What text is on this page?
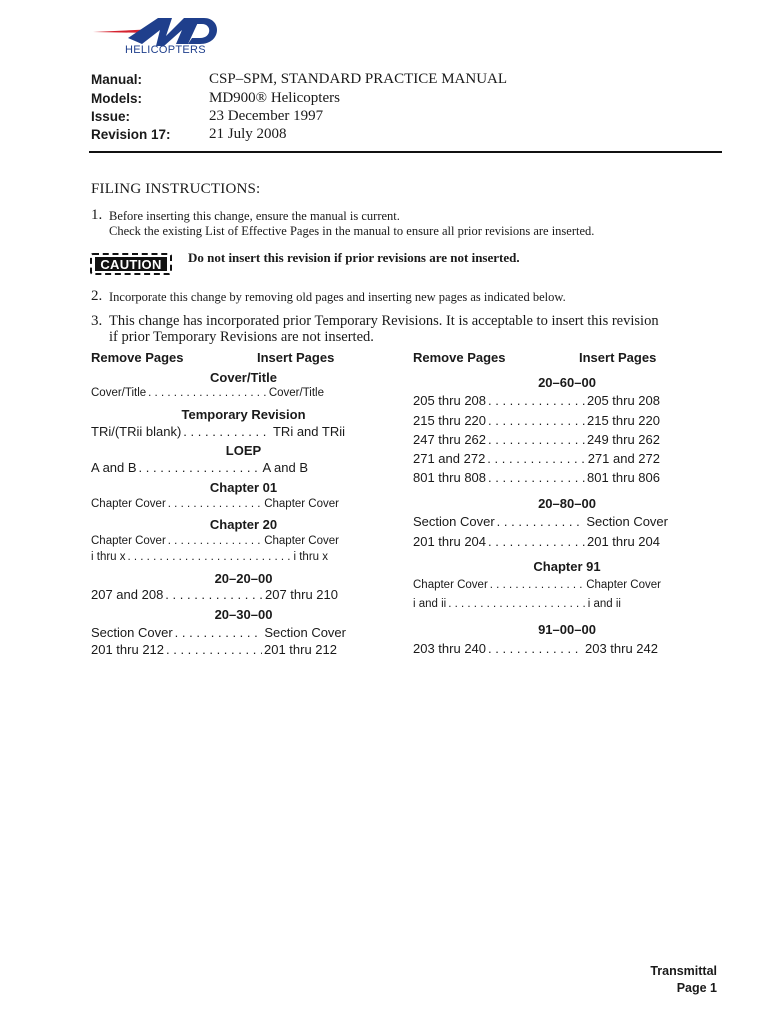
HELICOPTERS
Manual:	CSP–SPM, STANDARD PRACTICE MANUAL
Models:	MD900® Helicopters
Issue:	23 December 1997
Revision 17:	21 July 2008
FILING INSTRUCTIONS:
1. Before inserting this change, ensure the manual is current.
Check the existing List of Effective Pages in the manual to ensure all prior revisions are inserted.
CAUTION	Do not insert this revision if prior revisions are not inserted.
2. Incorporate this change by removing old pages and inserting new pages as indicated below.
3. This change has incorporated prior Temporary Revisions. It is acceptable to insert this revision
if prior Temporary Revisions are not inserted.
Remove Pages	Insert Pages	Remove Pages	Insert Pages
Cover/Title
Cover/Title . . .	Cover/Title
Temporary Revision
TRi/(TRii blank) . . .	TRi and TRii
LOEP
A and B . . .	A and B
Chapter 01
Chapter Cover . . .	Chapter Cover
Chapter 20
Chapter Cover . . .	Chapter Cover
i thru x . . .	i thru x
20–20–00
207 and 208 . . .	207 thru 210
20–30–00
Section Cover . . .	Section Cover
201 thru 212 . . .	201 thru 212
20–60–00
205 thru 208 . . .	205 thru 208
215 thru 220 . . .	215 thru 220
247 thru 262 . . .	249 thru 262
271 and 272 . . .	271 and 272
801 thru 808 . . .	801 thru 806
20–80–00
Section Cover . . .	Section Cover
201 thru 204 . . .	201 thru 204
Chapter 91
Chapter Cover . . .	Chapter Cover
i and ii . . .	i and ii
91–00–00
203 thru 240 . . .	203 thru 242
Transmittal
Page 1
